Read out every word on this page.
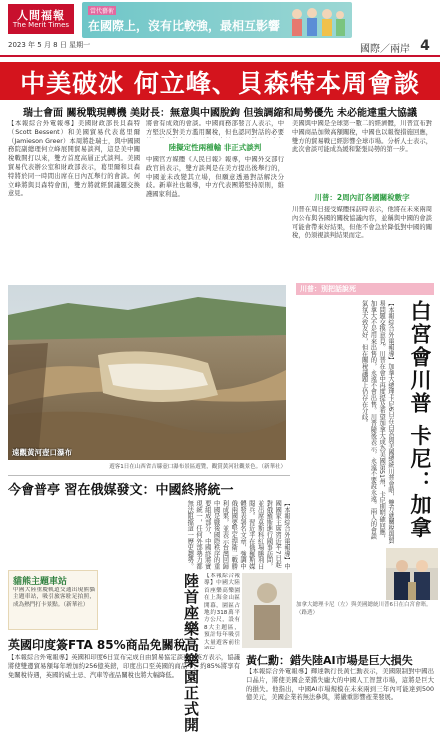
人間福報
The Merit Times
2023 年 5 月 8 日 星期一
當代藝術
在國際上，沒有比較強，最相互影響
國際／兩岸 4
中美破冰 何立峰、貝森特本周會談
瑞士會面 關稅戰現轉機 美財長：無意與中國脫鉤 但強調縮和局勢優先 未必能達重大協議
【本報綜合外電報導】美國財政部長貝森特（Scott Bessent）和美國貿易代表葛里爾（Jamieson Greer）本周將赴瑞士，與中國國務院副總理何立峰展開貿易談判，這是美中關稅戰開打以來，雙方首度高層正式談判。美國貿易代表辦公室和財政部表示，葛里爾和貝森特將於同一時間出席在日內瓦舉行的會談。何立峰將與貝森特會面，雙方將就經貿議題交換意見。
將會有成效的會談。中國商務部發言人表示，中方堅決反對美方濫用關稅，但也認同對話的必要
陸擬定性兩種輸 非正式談判
中國官方媒體《人民日報》報導，中國外交部行政官員表示，雙方談判是在美方提出後舉行的，中國並未改變其立場，但願意透過對話解決分歧。新華社也報導，中方代表團將堅持原則，維護國家利益。
美國與中國是全球第一數二的經濟體，川普宣布對中國商品加徵高額關稅，中國也以報復措施回應，雙方的貿易戰已經影響全球市場。分析人士表示，此次會談可能成為緩和緊張局勢的第一步。
川普：2周內訂各國關稅數字
川普在周日接受媒體採訪時表示，他將在未來兩周內公布與各國的關稅協議內容，並稱與中國的會談可能會帶來好結果，但他不會急於降低對中國的關稅，仍須視談判結果而定。
遠觀黃河壺口瀑布
遊客1日在山西省吉縣壺口瀑布景區遊覽，觀賞黃河壯觀景色。（新華社）
川普：別把話說死
白宮會川普 卡尼：加拿
【本報綜合外電報導】加拿大總理卡尼6日在白宮與美國總統川普會晤，雙方就關稅與貿易問題交換意見。川普在會中再度提及希望加拿大成為美國第51州，卡尼則明確回應，加拿大不是用來出售的，永遠不會出售。川普隨後表示，永遠不要說永遠。兩人的會談氣氛大致友好，但在關稅議題上仍存在分歧。
加拿大總理卡尼（左）與美國總統川普6日在白宮會晤。（路透）
今會普亭 習在俄媒發文：中國終將統一
【本報綜合外電報導】中國國家主席習近平7日起對俄羅斯進行國事訪問，並出席莫斯科紅場勝利日閱兵。習近平在俄羅斯媒體發表署名文章，強調中俄兩國要堅定捍衛二戰勝利成果，並表示台灣回歸中國是戰後國際秩序的重要組成部分，中國終將實現統一，任何外部勢力都無法阻擋這一歷史趨勢。
貓熊主題車站
中國大陸重慶軌道交通出現熊貓主題車站，吸引旅客駐足拍照，成為熱門打卡景點。（新華社）
英國印度簽FTA 85%商品免關稅
【本報綜合外電報導】英國和印度6日宣布完成自由貿易協定談判，英方表示，協議將使雙邊貿易額每年增加約256億英鎊，印度出口至英國的商品中，約85%將享有免關稅待遇，英國的威士忌、汽車等產品關稅也將大幅降低。
陸首座樂高樂園正式開
【本報綜合報導】中國大陸首座樂高樂園在上海金山區開幕，園區占地約318萬平方公尺，設有8大主題區，預計每年吸引大量遊客前往
黃仁勳：錯失陸AI市場是巨大損失
【本報綜合外電報導】輝達執行長黃仁勳表示，美國限制對中國出口晶片，將使美國企業錯失龐大的中國人工智慧市場，這將是巨大的損失。他指出，中國AI市場規模在未來兩到三年內可能達到500億美元，美國企業若無法參與，將嚴重影響產業發展。
